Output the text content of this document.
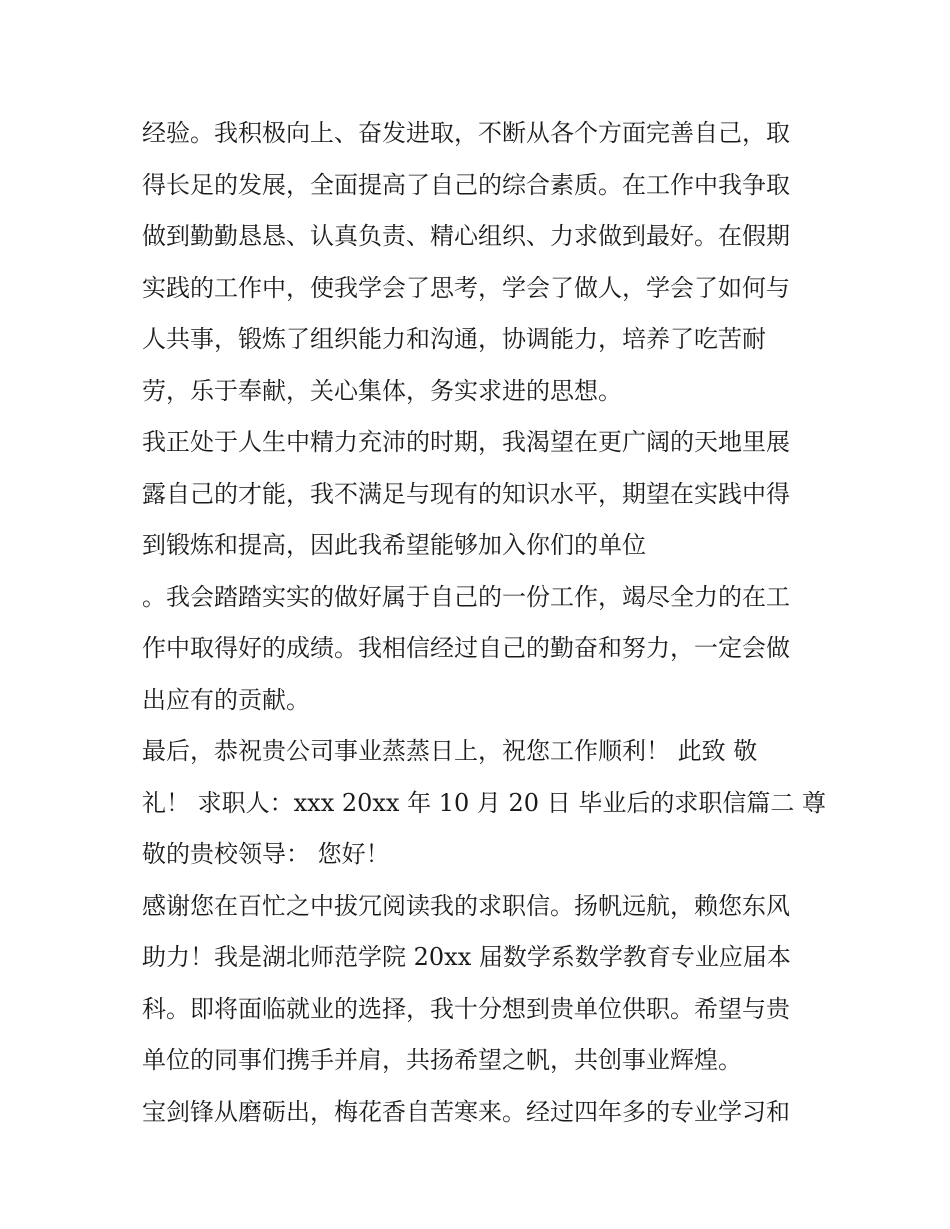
经验。我积极向上、奋发进取，不断从各个方面完善自己，取
得长足的发展，全面提高了自己的综合素质。在工作中我争取
做到勤勤恳恳、认真负责、精心组织、力求做到最好。在假期
实践的工作中，使我学会了思考，学会了做人，学会了如何与
人共事，锻炼了组织能力和沟通，协调能力，培养了吃苦耐
劳，乐于奉献，关心集体，务实求进的思想。
我正处于人生中精力充沛的时期，我渴望在更广阔的天地里展
露自己的才能，我不满足与现有的知识水平，期望在实践中得
到锻炼和提高，因此我希望能够加入你们的单位
。我会踏踏实实的做好属于自己的一份工作，竭尽全力的在工
作中取得好的成绩。我相信经过自己的勤奋和努力，一定会做
出应有的贡献。
最后，恭祝贵公司事业蒸蒸日上，祝您工作顺利！ 此致 敬
礼！ 求职人：xxx 20xx 年 10 月 20 日 毕业后的求职信篇二 尊
敬的贵校领导： 您好！
感谢您在百忙之中拔冗阅读我的求职信。扬帆远航，赖您东风
助力！我是湖北师范学院 20xx 届数学系数学教育专业应届本
科。即将面临就业的选择，我十分想到贵单位供职。希望与贵
单位的同事们携手并肩，共扬希望之帆，共创事业辉煌。
宝剑锋从磨砺出，梅花香自苦寒来。经过四年多的专业学习和
